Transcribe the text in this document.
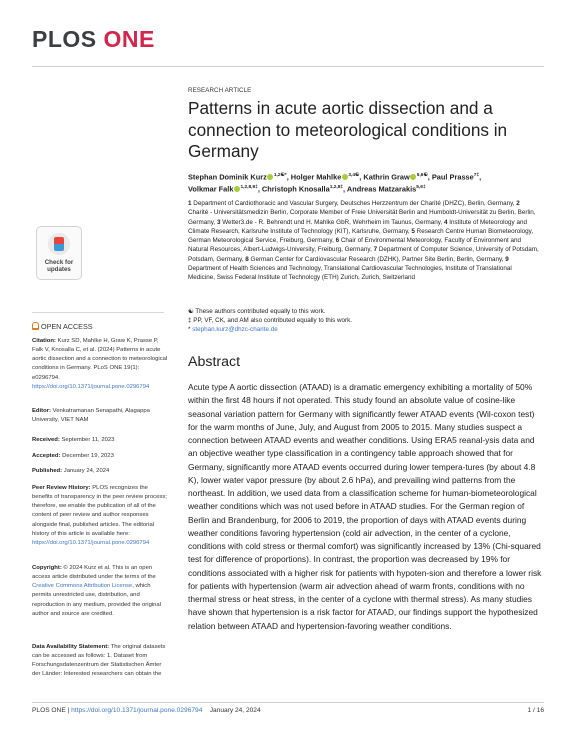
PLOS ONE
RESEARCH ARTICLE
Patterns in acute aortic dissection and a connection to meteorological conditions in Germany
Stephan Dominik Kurz $^{1,2☯*}$, Holger Mahlke $^{3,4☯}$, Kathrin Graw $^{5,6☯}$, Paul Prasse$^{7\ddagger}$,
Volkmar Falk $^{1,2,8,9\ddagger}$, Christoph Knosalla$^{1,2,8\ddagger}$, Andreas Matzarakis$^{5,6\ddagger}$
1 Department of Cardiothoracic and Vascular Surgery, Deutsches Herzzentrum der Charité (DHZC), Berlin, Germany, 2 Charité - Universitätsmedizin Berlin, Corporate Member of Freie Universität Berlin and Humboldt-Universität zu Berlin, Berlin, Germany, 3 Wetter3.de - R. Behrendt und H. Mahlke GbR, Wehrheim im Taunus, Germany, 4 Institute of Meteorology and Climate Research, Karlsruhe Institute of Technology (KIT), Karlsruhe, Germany, 5 Research Centre Human Biometeorology, German Meteorological Service, Freiburg, Germany, 6 Chair of Environmental Meteorology, Faculty of Environment and Natural Resources, Albert-Ludwigs-University, Freiburg, Germany, 7 Department of Computer Science, University of Potsdam, Potsdam, Germany, 8 German Center for Cardiovascular Research (DZHK), Partner Site Berlin, Berlin, Germany, 9 Department of Health Sciences and Technology, Translational Cardiovascular Technologies, Institute of Translational Medicine, Swiss Federal Institute of Technolcgy (ETH) Zurich, Zurich, Switzerland
☯ These authors contributed equally to this work.
‡ PP, VF, CK, and AM also contributed equally to this work.
* stephan.kurz@dhzc-charite.de
Abstract
Acute type A aortic dissection (ATAAD) is a dramatic emergency exhibiting a mortality of 50% within the first 48 hours if not operated. This study found an absolute value of cosine-like seasonal variation pattern for Germany with significantly fewer ATAAD events (Wil-coxon test) for the warm months of June, July, and August from 2005 to 2015. Many studies suspect a connection between ATAAD events and weather conditions. Using ERA5 reanal-ysis data and an objective weather type classification in a contingency table approach showed that for Germany, significantly more ATAAD events occurred during lower tempera-tures (by about 4.8 K), lower water vapor pressure (by about 2.6 hPa), and prevailing wind patterns from the northeast. In addition, we used data from a classification scheme for human-biometeorological weather conditions which was not used before in ATAAD studies. For the German region of Berlin and Brandenburg, for 2006 to 2019, the proportion of days with ATAAD events during weather conditions favoring hypertension (cold air advection, in the center of a cyclone, conditions with cold stress or thermal comfort) was significantly increased by 13% (Chi-squared test for difference of proportions). In contrast, the proportion was decreased by 19% for conditions associated with a higher risk for patients with hypoten-sion and therefore a lower risk for patients with hypertension (warm air advection ahead of warm fronts, conditions with no thermal stress or heat stress, in the center of a cyclone with thermal stress). As many studies have shown that hypertension is a risk factor for ATAAD, our findings support the hypothesized relation between ATAAD and hypertension-favoring weather conditions.
Check for
updates
OPEN ACCESS
Citation: Kurz SD, Mahlke H, Graw K, Prasse P, Falk V, Knosalla C, et al. (2024) Patterns in acute aortic dissection and a connection to meteorological conditions in Germany. PLoS ONE 19(1): e0296794. https://doi.org/10.1371/journal.pone.0296794
Editor: Venkatramanan Senapathi, Alagappa University, VIET NAM
Received: September 11, 2023
Accepted: December 19, 2023
Published: January 24, 2024
Peer Review History: PLOS recognizes the benefits of transparency in the peer review process; therefore, we enable the publication of all of the content of peer review and author responses alongside final, published articles. The editorial history of this article is available here: https://doi.org/10.1371/journal.pone.0296794
Copyright: © 2024 Kurz et al. This is an open access article distributed under the terms of the Creative Commons Attribution License, which permits unrestricted use, distribution, and reproduction in any medium, provided the original author and source are credited.
Data Availability Statement: The original datasets can be accessed as follows: 1. Dataset from Forschungsdatenzentrum der Statistischen Ämter der Länder: Interested researchers can obtain the
PLOS ONE | https://doi.org/10.1371/journal.pone.0296794 January 24, 2024	1 / 16
